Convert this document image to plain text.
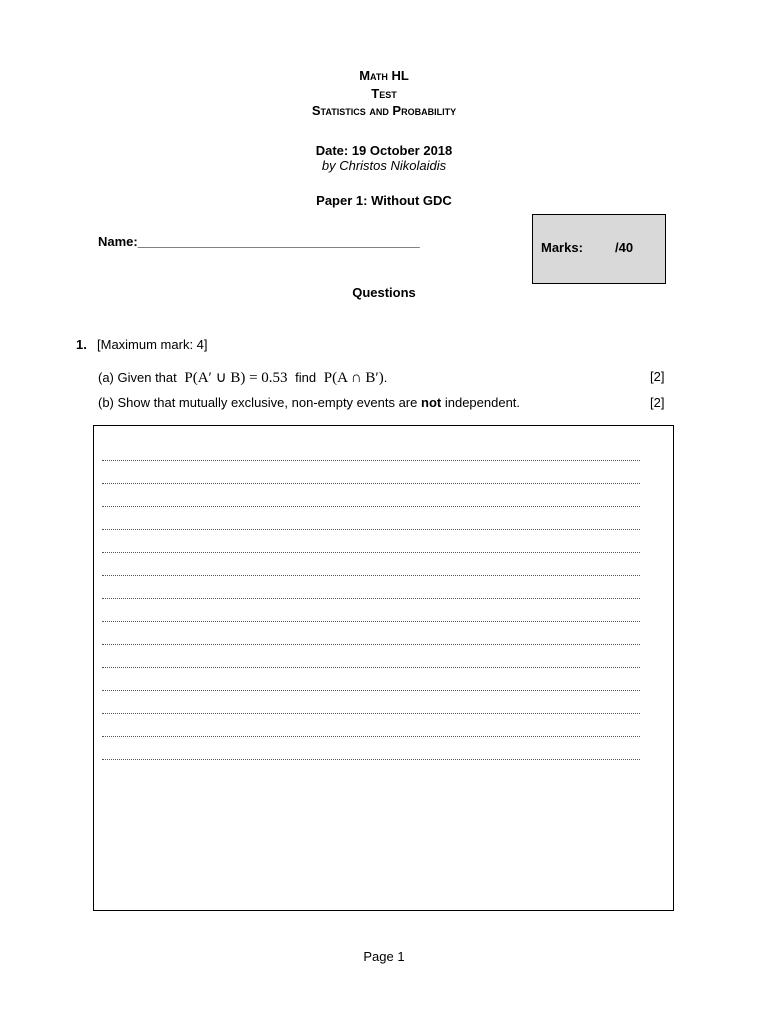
Math HL
Test
Statistics and Probability
Date: 19 October 2018
by Christos Nikolaidis
Paper 1: Without GDC
Name:_______________________________________	Marks: /40
Questions
1. [Maximum mark: 4]
(a) Given that P(A′ ∪ B) = 0.53 find P(A ∩ B′).	[2]
(b) Show that mutually exclusive, non-empty events are not independent.	[2]
Page 1
